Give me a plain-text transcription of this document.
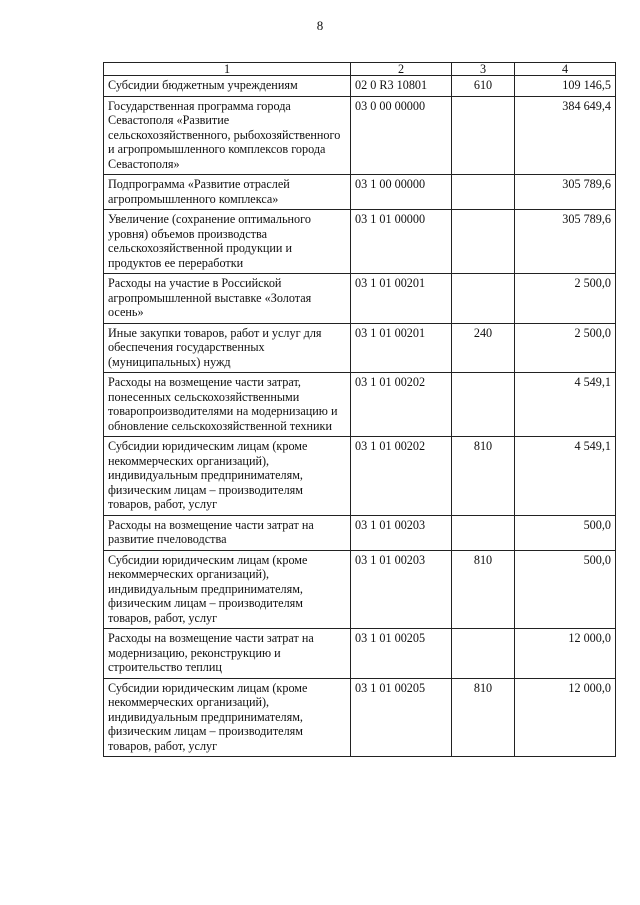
8
1	2	3	4
Субсидии бюджетным учреждениям	02 0 R3 10801	610	109 146,5
Государственная программа города Севастополя «Развитие сельскохозяйственного, рыбохозяйственного и агропромышленного комплексов города Севастополя»	03 0 00 00000		384 649,4
Подпрограмма «Развитие отраслей агропромышленного комплекса»	03 1 00 00000		305 789,6
Увеличение (сохранение оптимального уровня) объемов производства сельскохозяйственной продукции и продуктов ее переработки	03 1 01 00000		305 789,6
Расходы на участие в Российской агропромышленной выставке «Золотая осень»	03 1 01 00201		2 500,0
Иные закупки товаров, работ и услуг для обеспечения государственных (муниципальных) нужд	03 1 01 00201	240	2 500,0
Расходы на возмещение части затрат, понесенных сельскохозяйственными товаропроизводителями на модернизацию и обновление сельскохозяйственной техники	03 1 01 00202		4 549,1
Субсидии юридическим лицам (кроме некоммерческих организаций), индивидуальным предпринимателям, физическим лицам – производителям товаров, работ, услуг	03 1 01 00202	810	4 549,1
Расходы на возмещение части затрат на развитие пчеловодства	03 1 01 00203		500,0
Субсидии юридическим лицам (кроме некоммерческих организаций), индивидуальным предпринимателям, физическим лицам – производителям товаров, работ, услуг	03 1 01 00203	810	500,0
Расходы на возмещение части затрат на модернизацию, реконструкцию и строительство теплиц	03 1 01 00205		12 000,0
Субсидии юридическим лицам (кроме некоммерческих организаций), индивидуальным предпринимателям, физическим лицам – производителям товаров, работ, услуг	03 1 01 00205	810	12 000,0
